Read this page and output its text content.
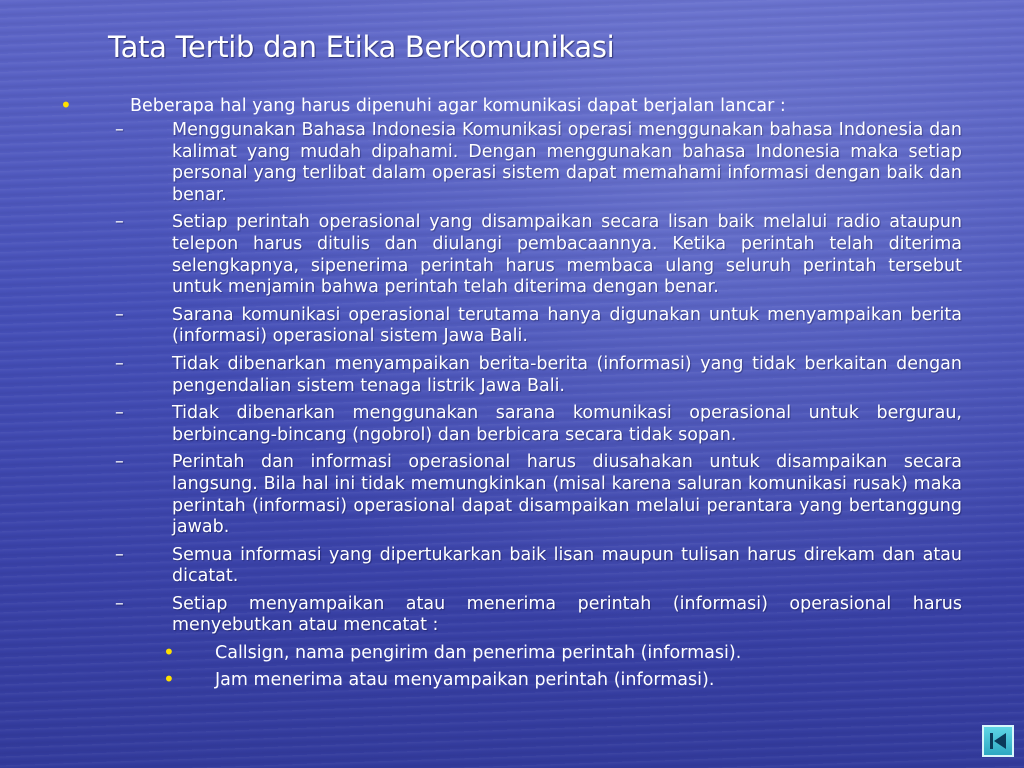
Tata Tertib dan Etika Berkomunikasi
•	Beberapa hal yang harus dipenuhi agar komunikasi dapat berjalan lancar :
–	Menggunakan Bahasa Indonesia Komunikasi operasi menggunakan bahasa Indonesia dan kalimat yang mudah dipahami. Dengan menggunakan bahasa Indonesia maka setiap personal yang terlibat dalam operasi sistem dapat memahami informasi dengan baik dan benar.
–	Setiap perintah operasional yang disampaikan secara lisan baik melalui radio ataupun telepon harus ditulis dan diulangi pembacaannya. Ketika perintah telah diterima selengkapnya, sipenerima perintah harus membaca ulang seluruh perintah tersebut untuk menjamin bahwa perintah telah diterima dengan benar.
–	Sarana komunikasi operasional terutama hanya digunakan untuk menyampaikan berita (informasi) operasional sistem Jawa Bali.
–	Tidak dibenarkan menyampaikan berita-berita (informasi) yang tidak berkaitan dengan pengendalian sistem tenaga listrik Jawa Bali.
–	Tidak dibenarkan menggunakan sarana komunikasi operasional untuk bergurau, berbincang-bincang (ngobrol) dan berbicara secara tidak sopan.
–	Perintah dan informasi operasional harus diusahakan untuk disampaikan secara langsung. Bila hal ini tidak memungkinkan (misal karena saluran komunikasi rusak) maka perintah (informasi) operasional dapat disampaikan melalui perantara yang bertanggung jawab.
–	Semua informasi yang dipertukarkan baik lisan maupun tulisan harus direkam dan atau dicatat.
–	Setiap menyampaikan atau menerima perintah (informasi) operasional harus menyebutkan atau mencatat :
• Callsign, nama pengirim dan penerima perintah (informasi).
• Jam menerima atau menyampaikan perintah (informasi).
